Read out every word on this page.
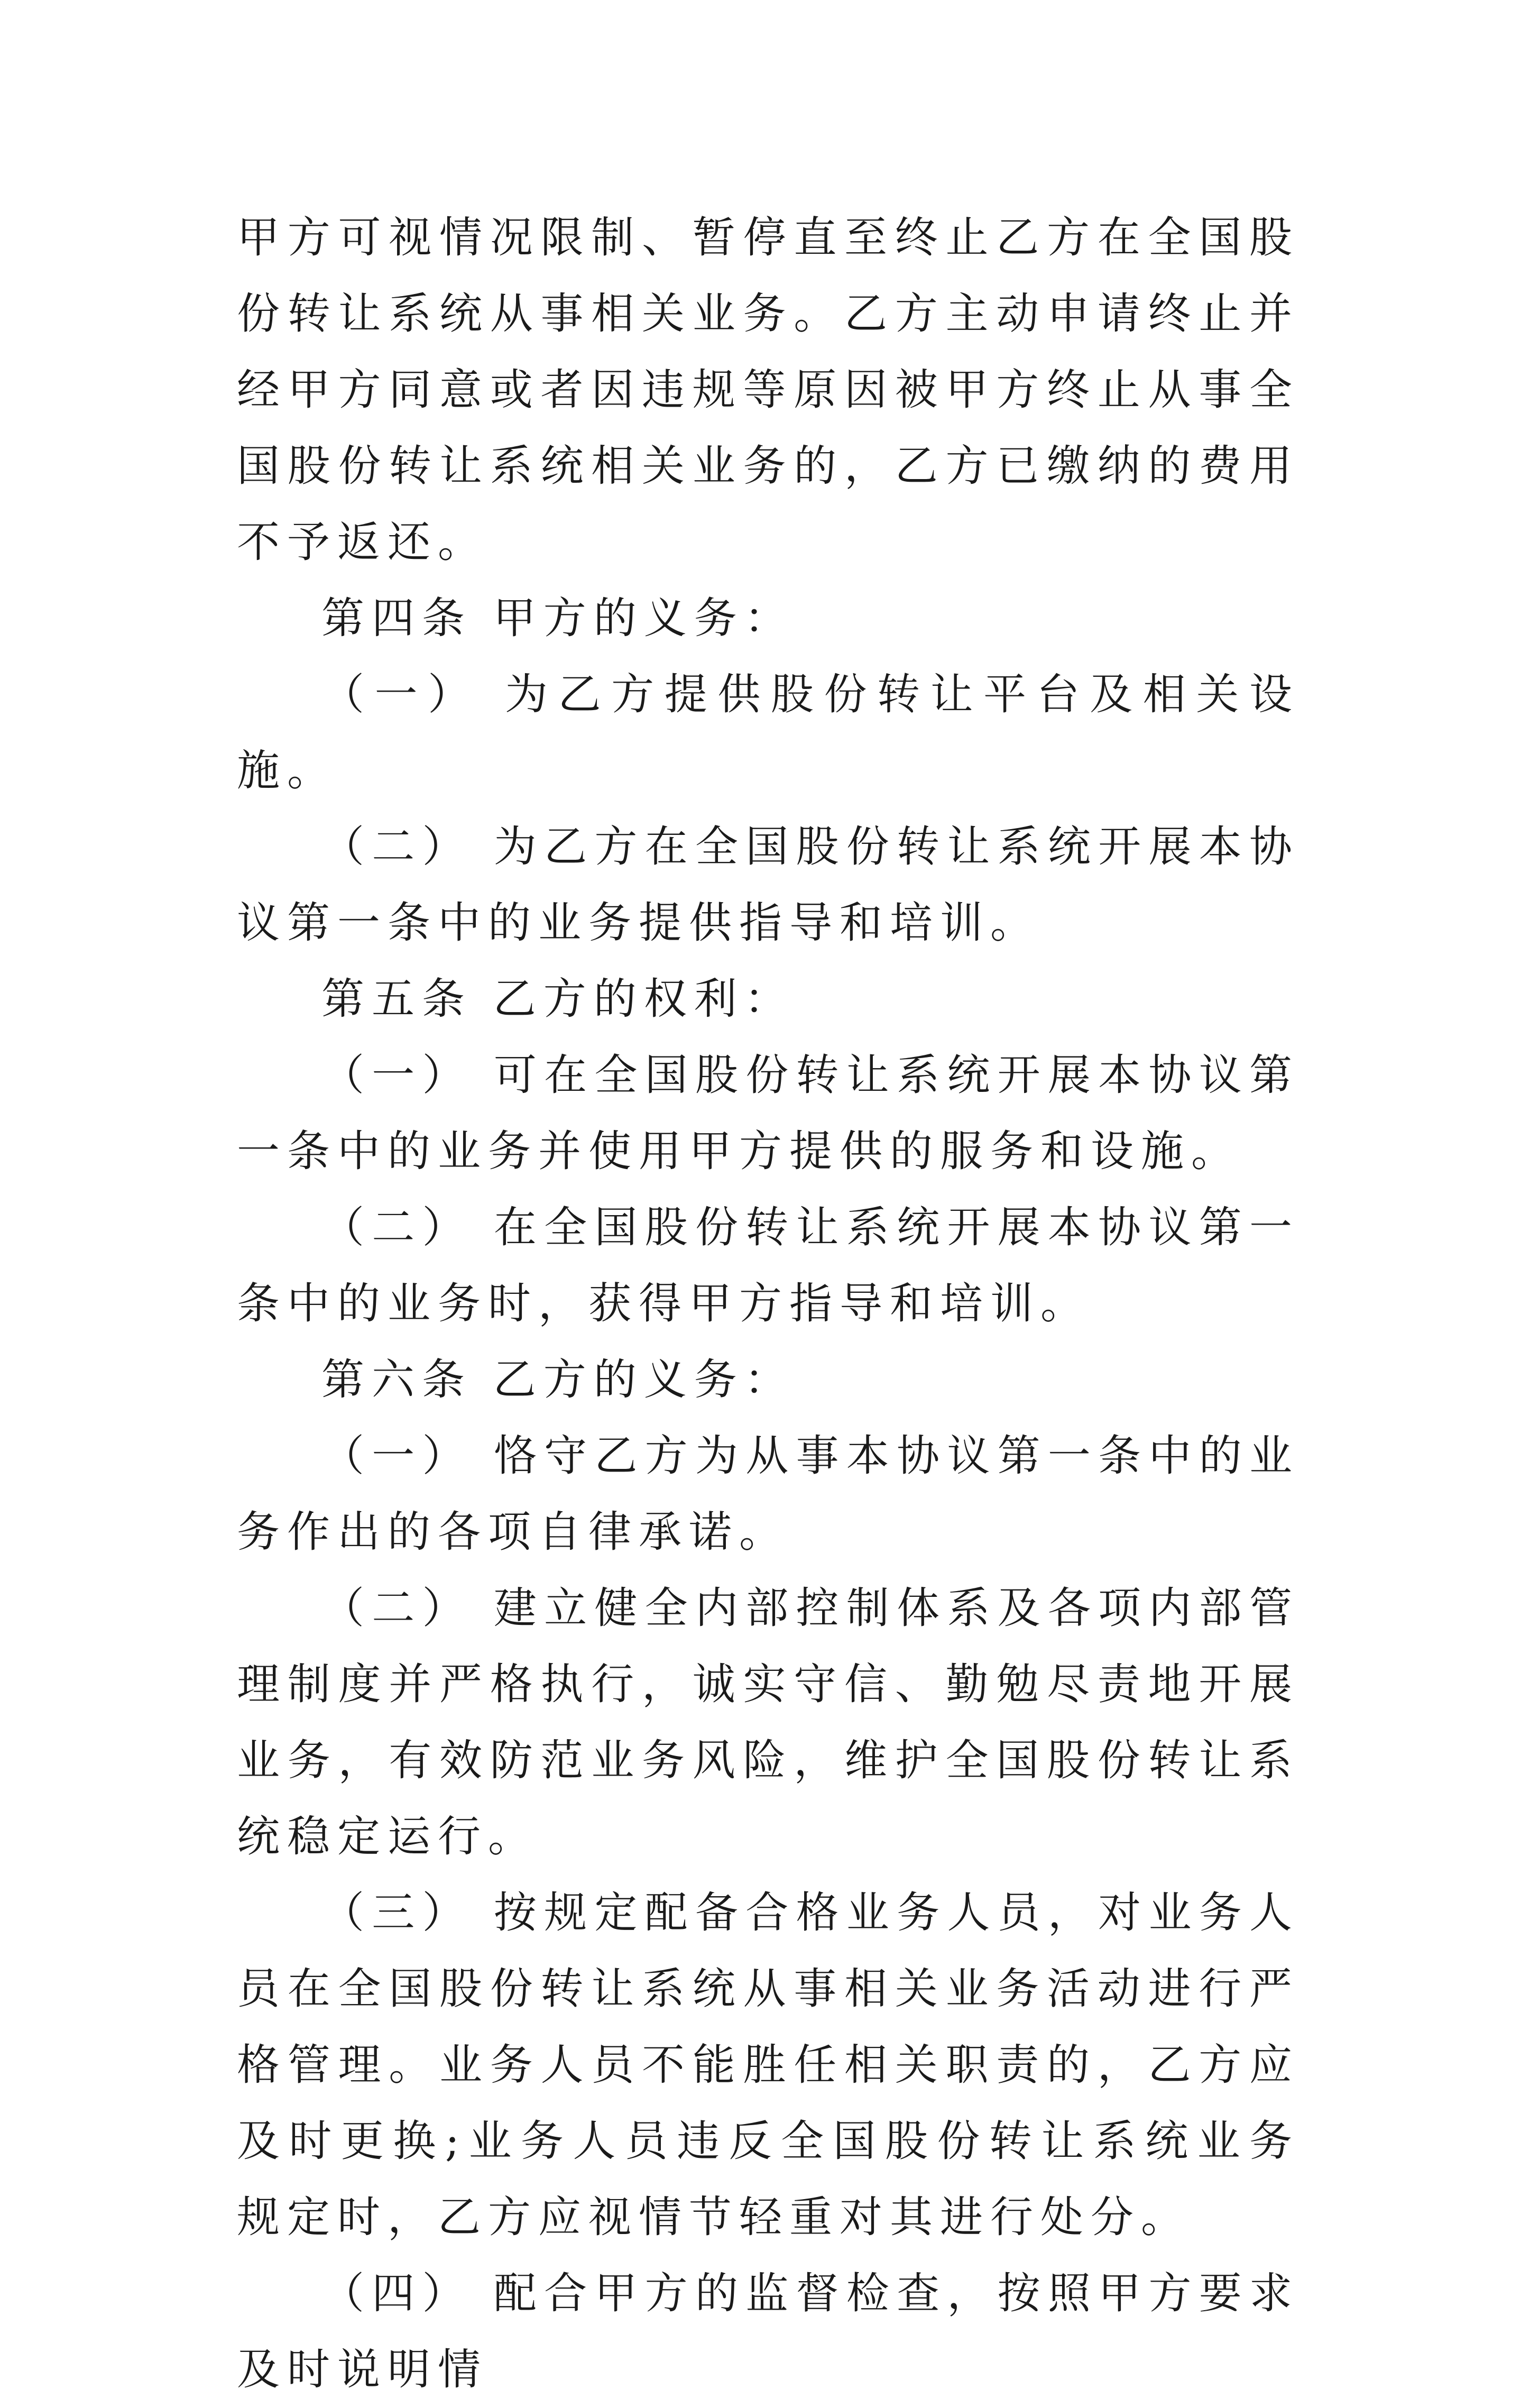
甲方可视情况限制、暂停直至终止乙方在全国股份转让系统从事相关业务。乙方主动申请终止并经甲方同意或者因违规等原因被甲方终止从事全国股份转让系统相关业务的，乙方已缴纳的费用不予返还。

第四条 甲方的义务：

（一） 为乙方提供股份转让平台及相关设施。

（二） 为乙方在全国股份转让系统开展本协议第一条中的业务提供指导和培训。

第五条 乙方的权利：

（一） 可在全国股份转让系统开展本协议第一条中的业务并使用甲方提供的服务和设施。

（二） 在全国股份转让系统开展本协议第一条中的业务时，获得甲方指导和培训。

第六条 乙方的义务：

（一） 恪守乙方为从事本协议第一条中的业务作出的各项自律承诺。

（二） 建立健全内部控制体系及各项内部管理制度并严格执行，诚实守信、勤勉尽责地开展业务，有效防范业务风险，维护全国股份转让系统稳定运行。

（三） 按规定配备合格业务人员，对业务人员在全国股份转让系统从事相关业务活动进行严格管理。业务人员不能胜任相关职责的，乙方应及时更换;业务人员违反全国股份转让系统业务规定时，乙方应视情节轻重对其进行处分。

（四） 配合甲方的监督检查，按照甲方要求及时说明情
